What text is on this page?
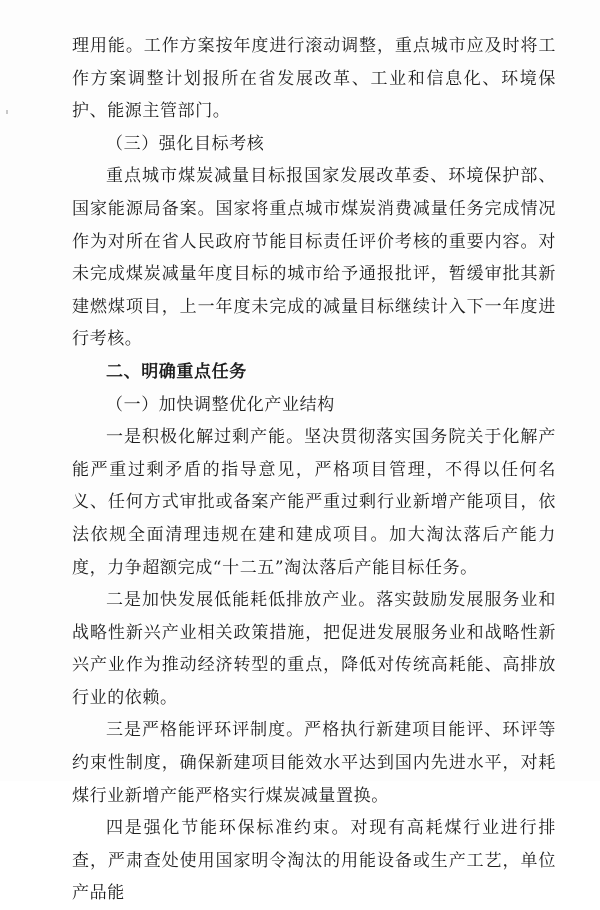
理用能。工作方案按年度进行滚动调整，重点城市应及时将工作方案调整计划报所在省发展改革、工业和信息化、环境保护、能源主管部门。

（三）强化目标考核

重点城市煤炭减量目标报国家发展改革委、环境保护部、国家能源局备案。国家将重点城市煤炭消费减量任务完成情况作为对所在省人民政府节能目标责任评价考核的重要内容。对未完成煤炭减量年度目标的城市给予通报批评，暂缓审批其新建燃煤项目，上一年度未完成的减量目标继续计入下一年度进行考核。

二、明确重点任务

（一）加快调整优化产业结构

一是积极化解过剩产能。坚决贯彻落实国务院关于化解产能严重过剩矛盾的指导意见，严格项目管理，不得以任何名义、任何方式审批或备案产能严重过剩行业新增产能项目，依法依规全面清理违规在建和建成项目。加大淘汰落后产能力度，力争超额完成“十二五”淘汰落后产能目标任务。

二是加快发展低能耗低排放产业。落实鼓励发展服务业和战略性新兴产业相关政策措施，把促进发展服务业和战略性新兴产业作为推动经济转型的重点，降低对传统高耗能、高排放行业的依赖。

三是严格能评环评制度。严格执行新建项目能评、环评等约束性制度，确保新建项目能效水平达到国内先进水平，对耗煤行业新增产能严格实行煤炭减量置换。

四是强化节能环保标准约束。对现有高耗煤行业进行排查，严肃查处使用国家明令淘汰的用能设备或生产工艺，单位产品能
